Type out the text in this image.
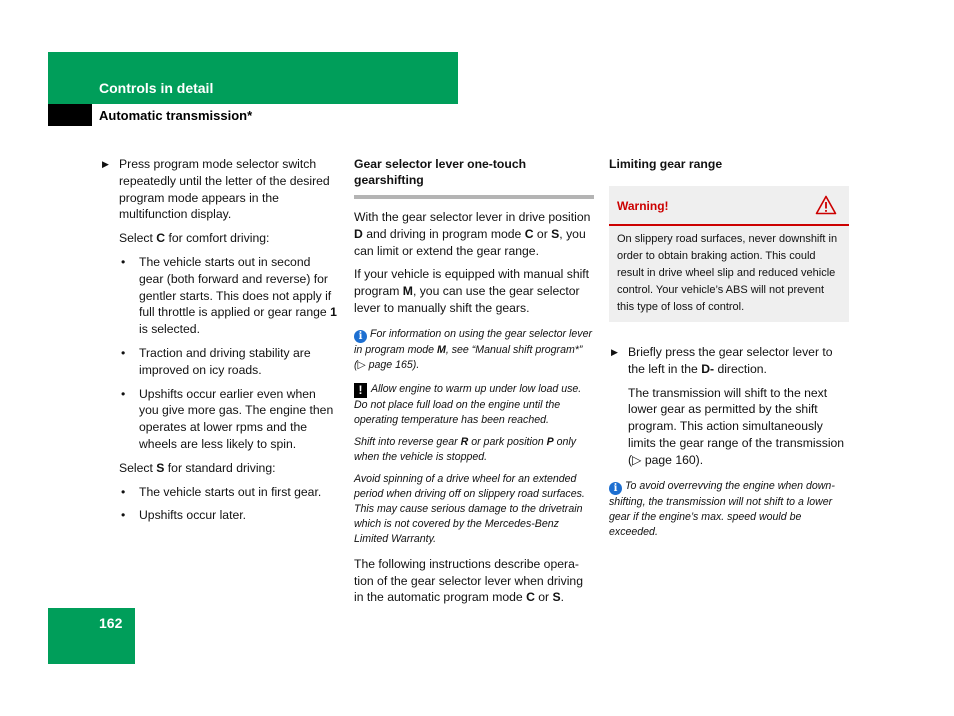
Controls in detail
Automatic transmission*
▶ Press program mode selector switch repeatedly until the letter of the desired program mode appears in the multifunction display.

Select C for comfort driving:

• The vehicle starts out in second gear (both forward and reverse) for gentler starts. This does not apply if full throttle is applied or gear range 1 is selected.
• Traction and driving stability are improved on icy roads.
• Upshifts occur earlier even when you give more gas. The engine then operates at lower rpms and the wheels are less likely to spin.

Select S for standard driving:

• The vehicle starts out in first gear.
• Upshifts occur later.

Gear selector lever one-touch gearshifting

With the gear selector lever in drive position D and driving in program mode C or S, you can limit or extend the gear range.

If your vehicle is equipped with manual shift program M, you can use the gear selector lever to manually shift the gears.

i For information on using the gear selector lever in program mode M, see “Manual shift program*” (▷ page 165).

! Allow engine to warm up under low load use. Do not place full load on the engine until the operating temperature has been reached.

Shift into reverse gear R or park position P only when the vehicle is stopped.

Avoid spinning of a drive wheel for an extended period when driving off on slippery road surfaces. This may cause serious damage to the drivetrain which is not covered by the Mercedes-Benz Limited Warranty.

The following instructions describe operation of the gear selector lever when driving in the automatic program mode C or S.

Limiting gear range

Warning!
On slippery road surfaces, never downshift in order to obtain braking action. This could result in drive wheel slip and reduced vehicle control. Your vehicle’s ABS will not prevent this type of loss of control.
▶ Briefly press the gear selector lever to the left in the D- direction.

The transmission will shift to the next lower gear as permitted by the shift program. This action simultaneously limits the gear range of the transmission (▷ page 160).

i To avoid overrevving the engine when downshifting, the transmission will not shift to a lower gear if the engine’s max. speed would be exceeded.

162
